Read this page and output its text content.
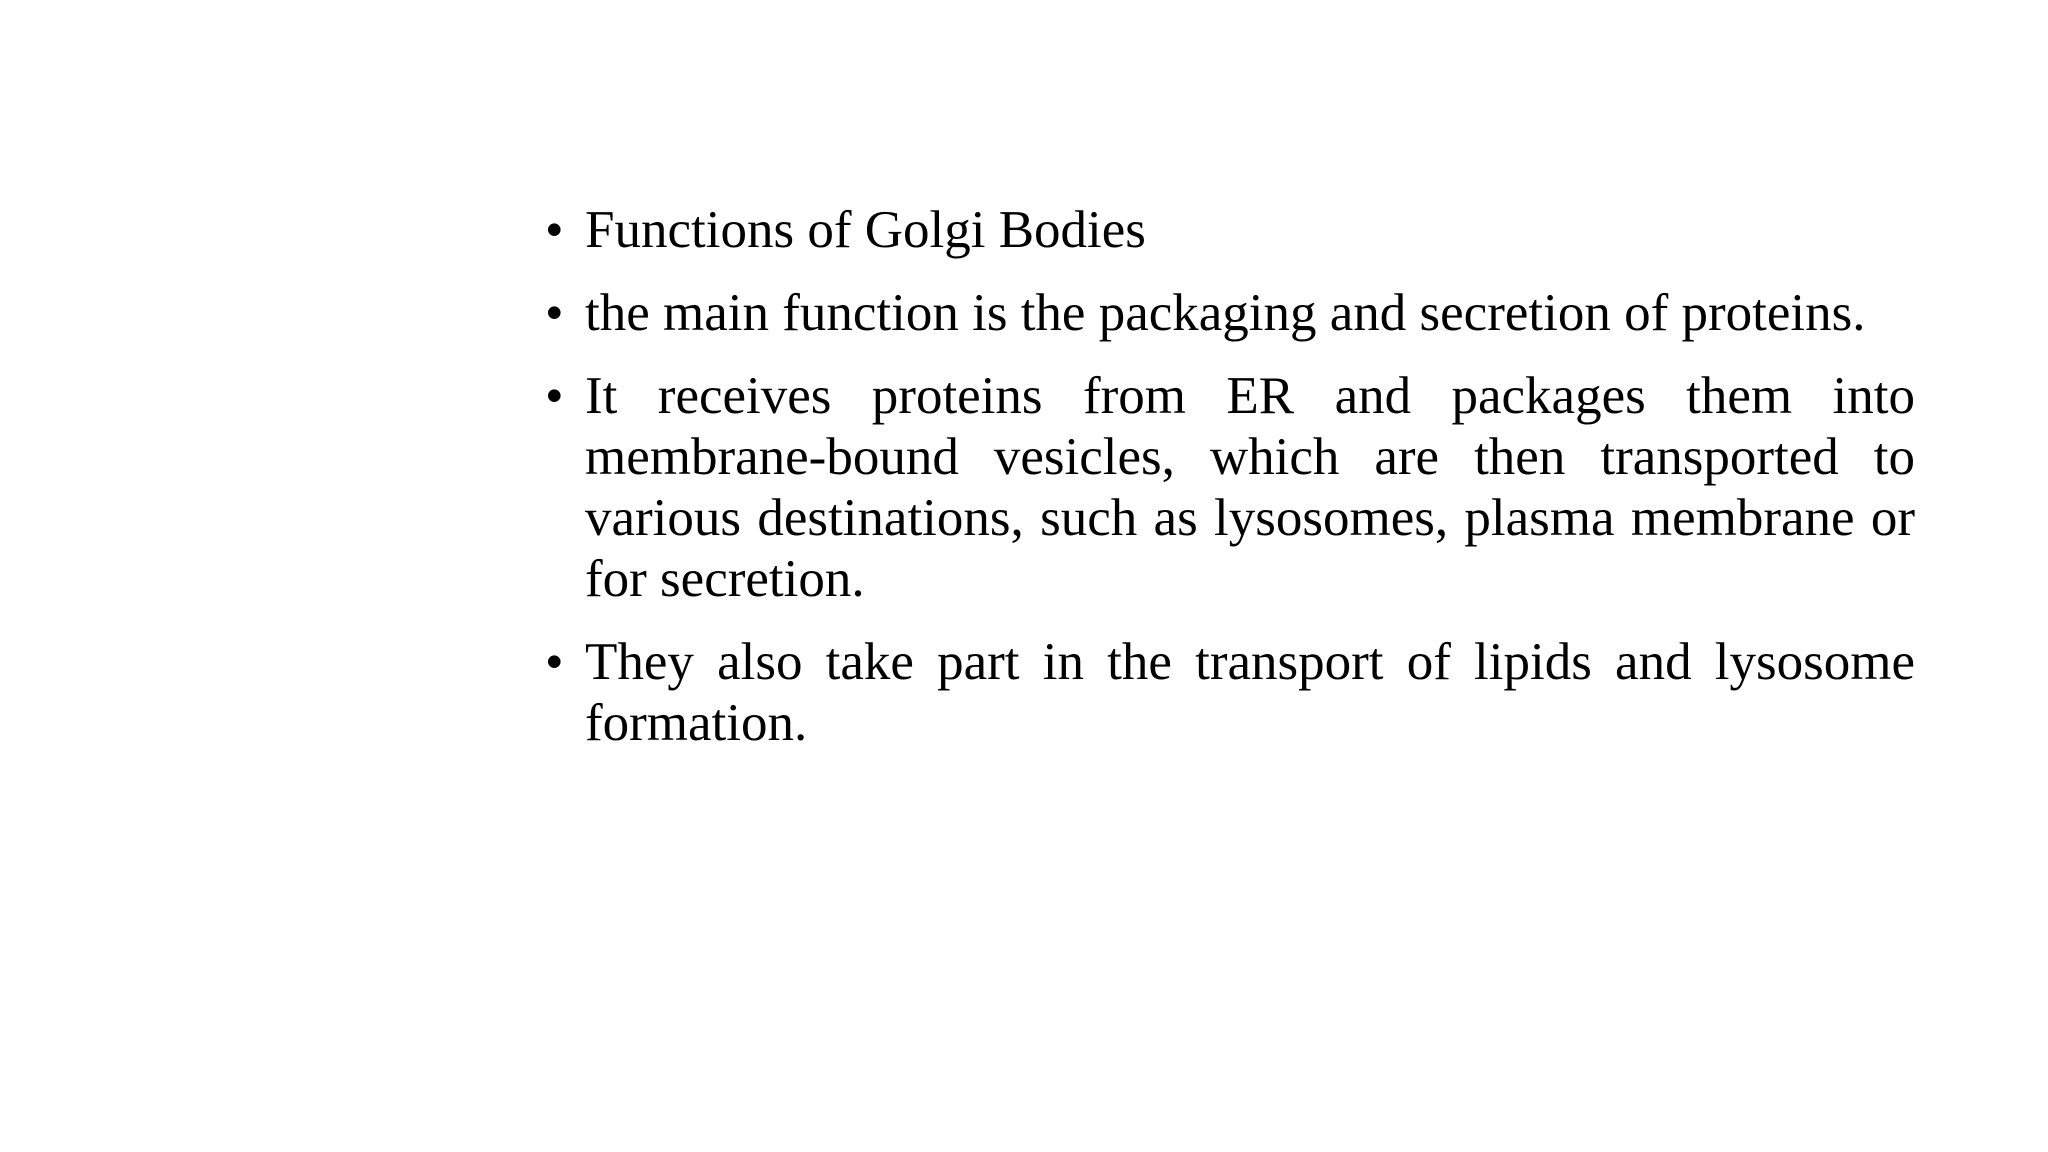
• Functions of Golgi Bodies
• the main function is the packaging and secretion of proteins.
• It receives proteins from ER and packages them into membrane-bound vesicles, which are then transported to various destinations, such as lysosomes, plasma membrane or for secretion.
• They also take part in the transport of lipids and lysosome formation.
